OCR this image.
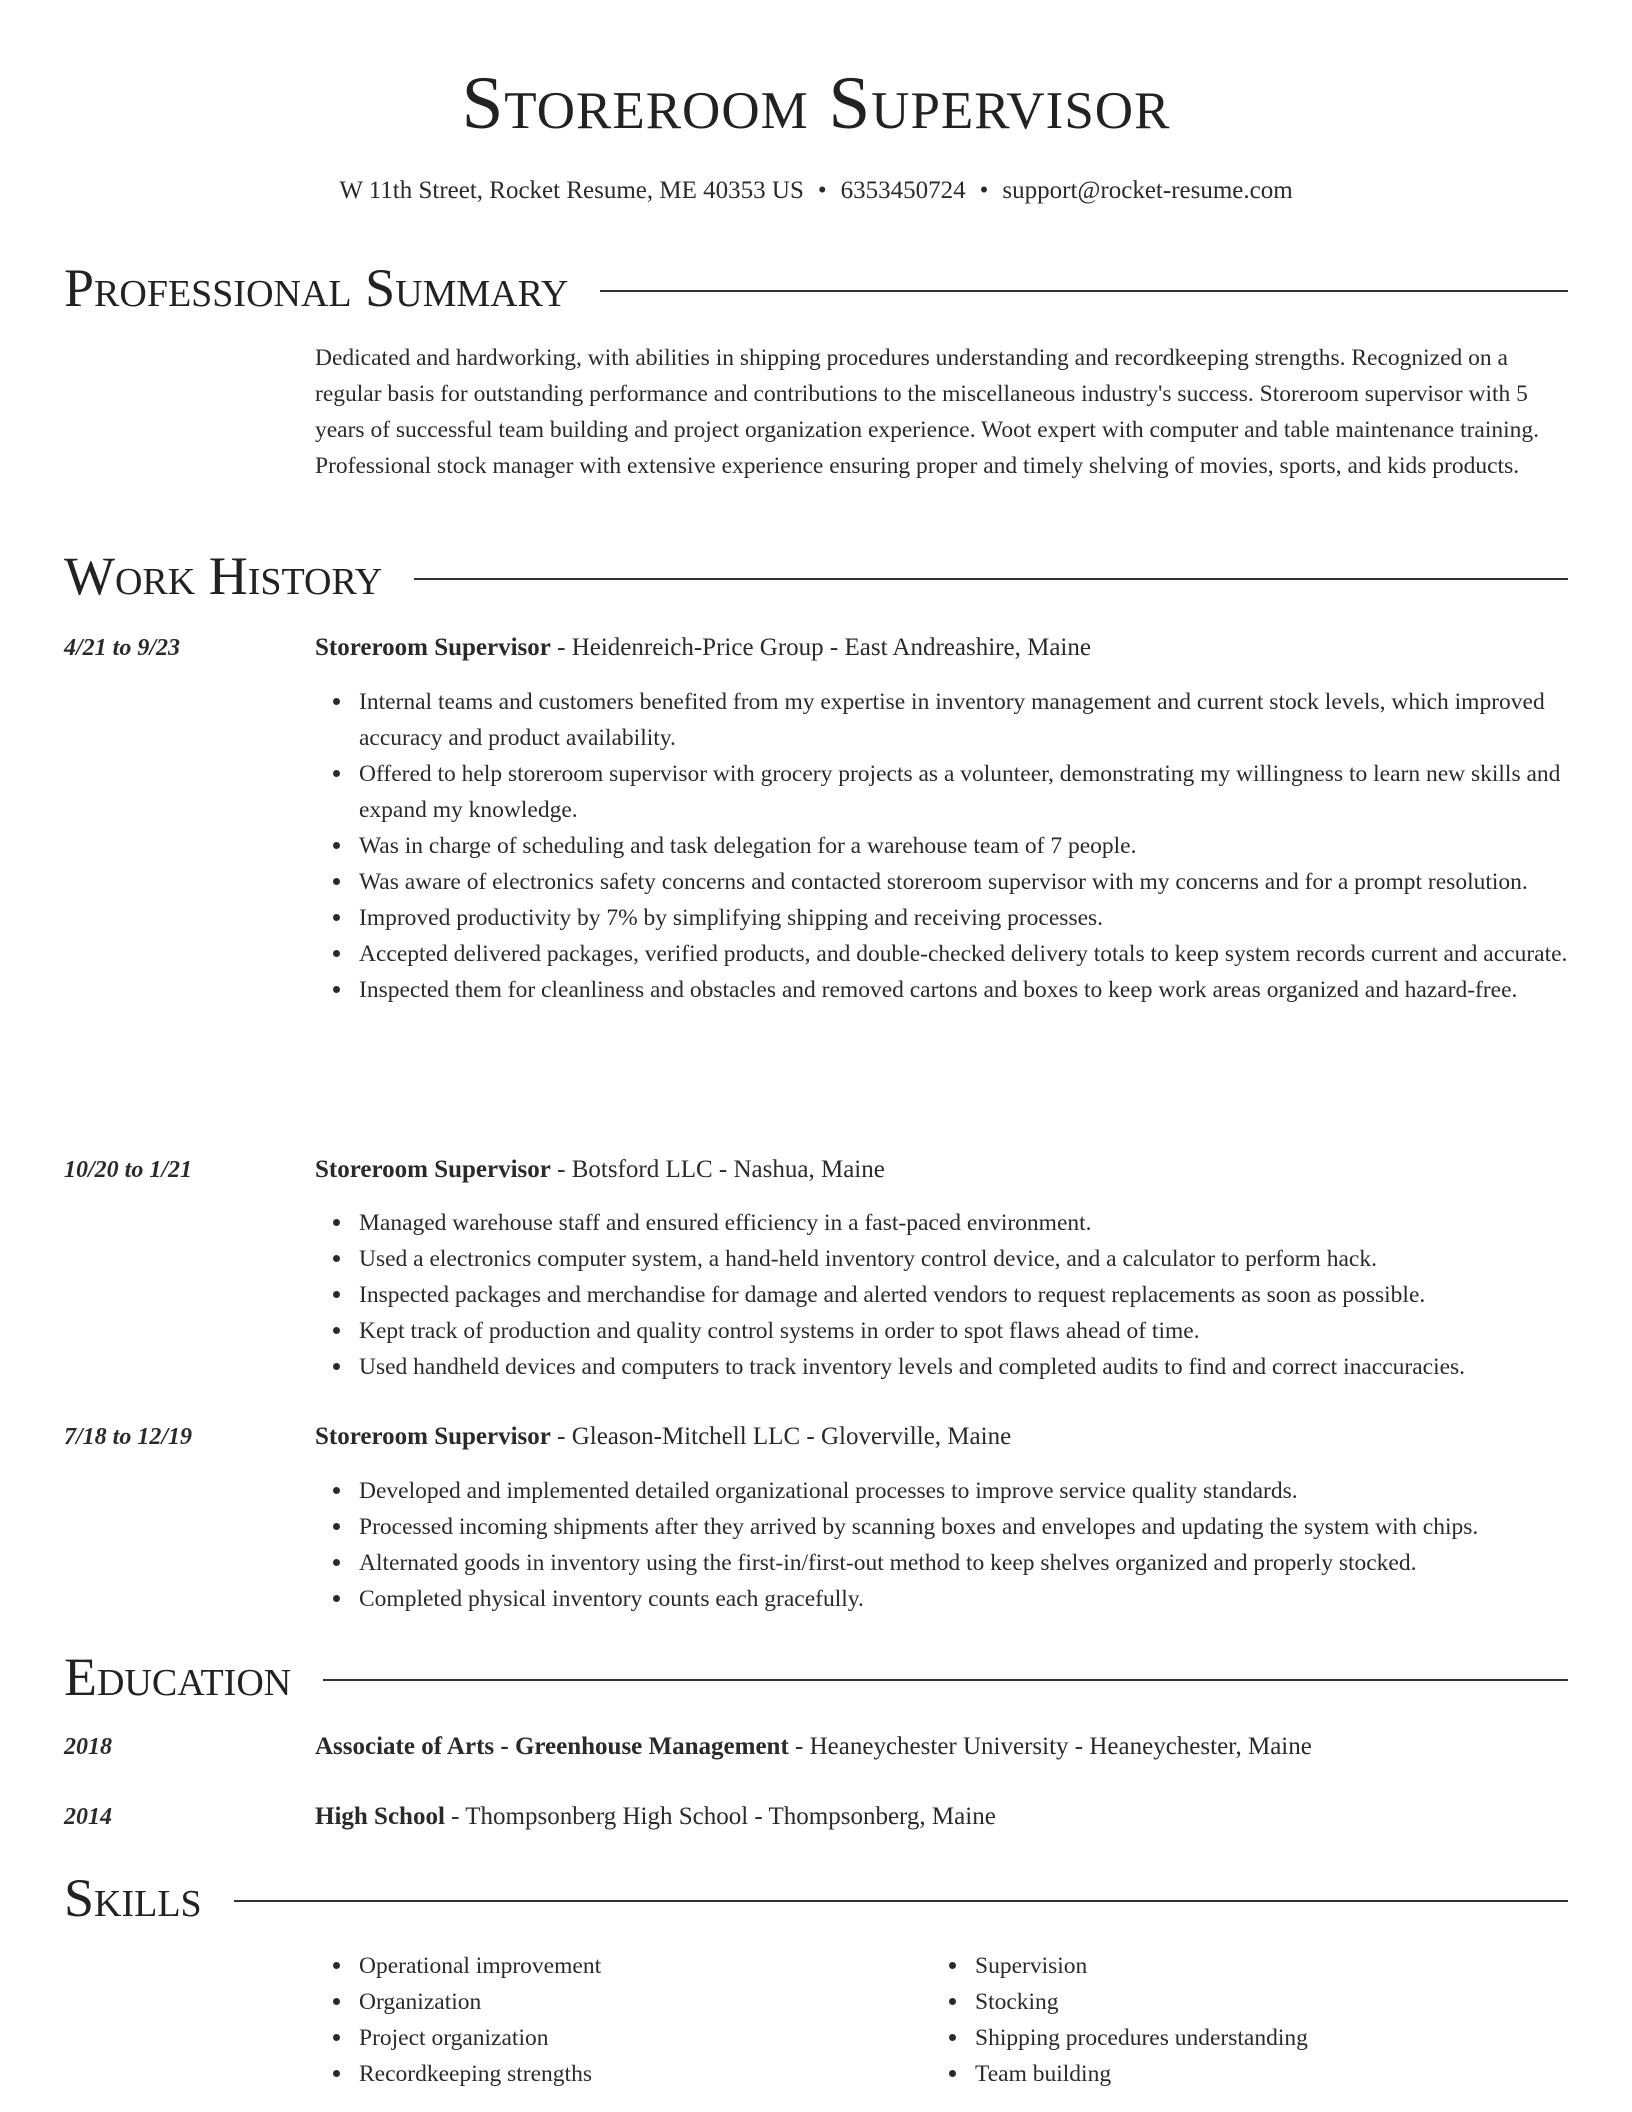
Storeroom Supervisor
W 11th Street, Rocket Resume, ME 40353 US • 6353450724 • support@rocket-resume.com
Professional Summary

Dedicated and hardworking, with abilities in shipping procedures understanding and recordkeeping strengths. Recognized on a regular basis for outstanding performance and contributions to the miscellaneous industry's success. Storeroom supervisor with 5 years of successful team building and project organization experience. Woot expert with computer and table maintenance training. Professional stock manager with extensive experience ensuring proper and timely shelving of movies, sports, and kids products.

Work History
4/21 to 9/23	Storeroom Supervisor - Heidenreich-Price Group - East Andreashire, Maine
Internal teams and customers benefited from my expertise in inventory management and current stock levels, which improved accuracy and product availability.
Offered to help storeroom supervisor with grocery projects as a volunteer, demonstrating my willingness to learn new skills and expand my knowledge.
Was in charge of scheduling and task delegation for a warehouse team of 7 people.
Was aware of electronics safety concerns and contacted storeroom supervisor with my concerns and for a prompt resolution.
Improved productivity by 7% by simplifying shipping and receiving processes.
Accepted delivered packages, verified products, and double-checked delivery totals to keep system records current and accurate.
Inspected them for cleanliness and obstacles and removed cartons and boxes to keep work areas organized and hazard-free.
10/20 to 1/21	Storeroom Supervisor - Botsford LLC - Nashua, Maine
Managed warehouse staff and ensured efficiency in a fast-paced environment.
Used a electronics computer system, a hand-held inventory control device, and a calculator to perform hack.
Inspected packages and merchandise for damage and alerted vendors to request replacements as soon as possible.
Kept track of production and quality control systems in order to spot flaws ahead of time.
Used handheld devices and computers to track inventory levels and completed audits to find and correct inaccuracies.
7/18 to 12/19	Storeroom Supervisor - Gleason-Mitchell LLC - Gloverville, Maine
Developed and implemented detailed organizational processes to improve service quality standards.
Processed incoming shipments after they arrived by scanning boxes and envelopes and updating the system with chips.
Alternated goods in inventory using the first-in/first-out method to keep shelves organized and properly stocked.
Completed physical inventory counts each gracefully.
Education
2018	Associate of Arts - Greenhouse Management - Heaneychester University - Heaneychester, Maine
2014	High School - Thompsonberg High School - Thompsonberg, Maine
Skills
Operational improvement
Organization
Project organization
Recordkeeping strengths
Supervision
Stocking
Shipping procedures understanding
Team building
